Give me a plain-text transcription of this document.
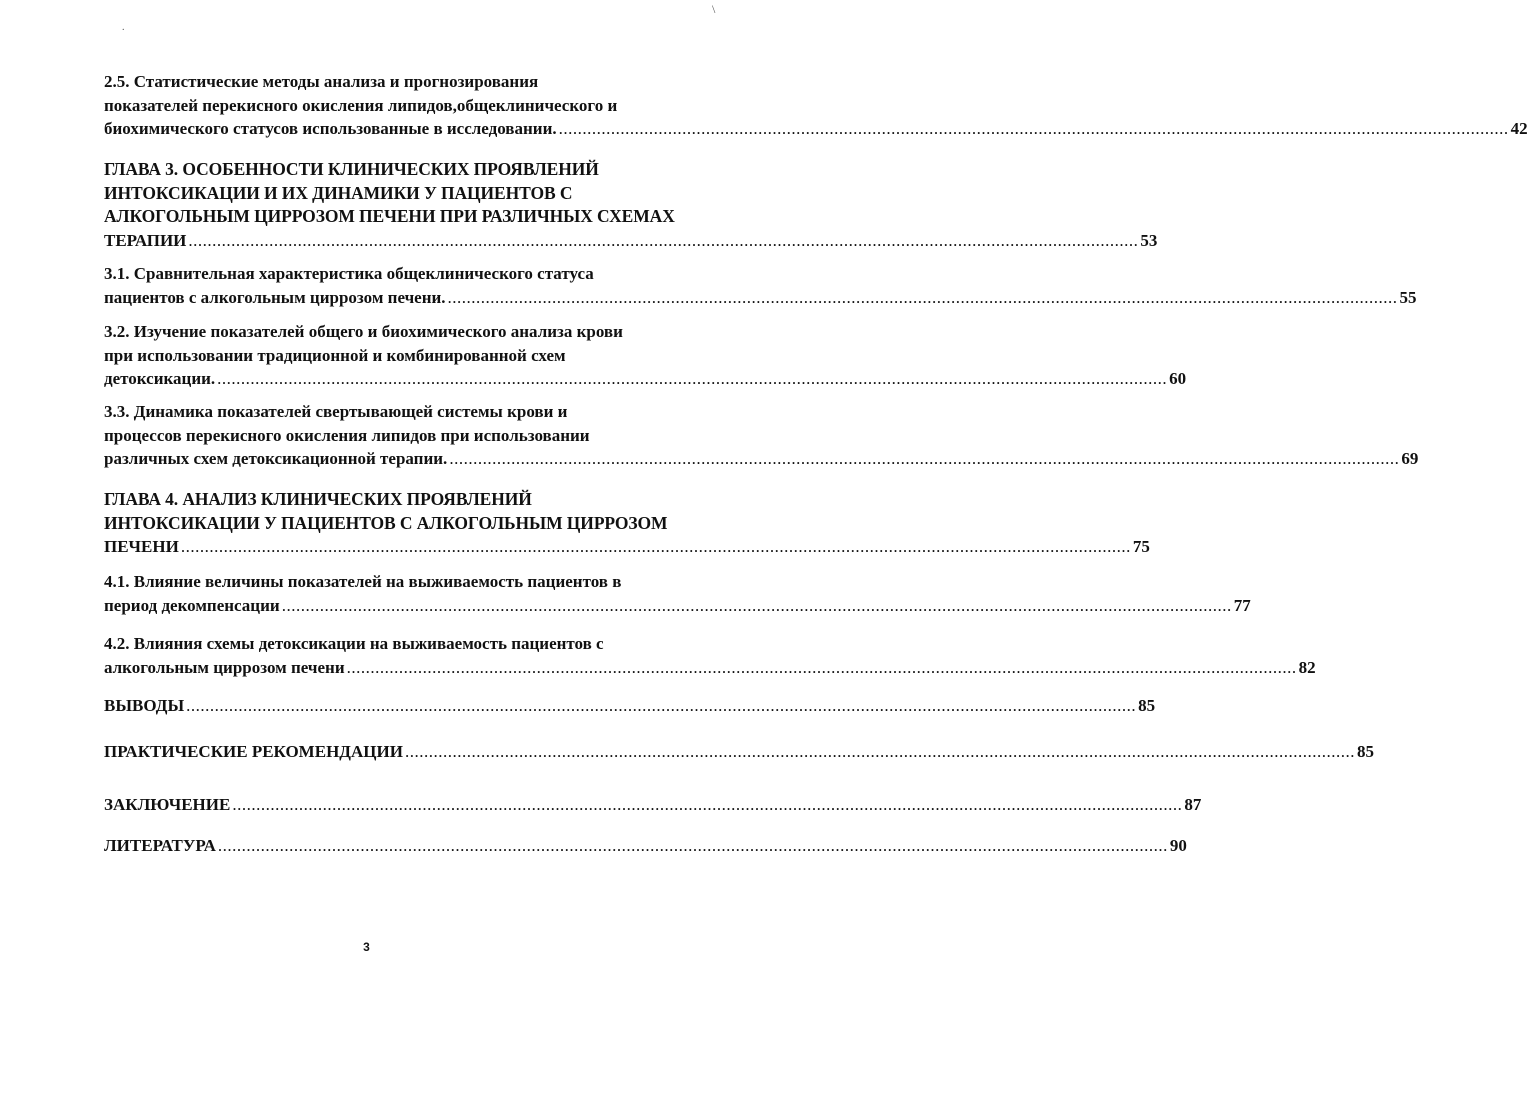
\
.
2.5. Статистические методы анализа и прогнозирования
показателей перекисного окисления липидов,общеклинического и
биохимического статусов использованные в исследовании. ........................................................................................................................................................................................................ 42
ГЛАВА 3. ОСОБЕННОСТИ КЛИНИЧЕСКИХ ПРОЯВЛЕНИЙ
ИНТОКСИКАЦИИ И ИХ ДИНАМИКИ У ПАЦИЕНТОВ С
АЛКОГОЛЬНЫМ ЦИРРОЗОМ ПЕЧЕНИ ПРИ РАЗЛИЧНЫХ СХЕМАХ
ТЕРАПИИ ........................................................................................................................................................................................................ 53
3.1. Сравнительная характеристика общеклинического статуса
пациентов с алкогольным циррозом печени. ........................................................................................................................................................................................................ 55
3.2. Изучение показателей общего и биохимического анализа крови
при использовании традиционной и комбинированной схем
детоксикации. ........................................................................................................................................................................................................ 60
3.3. Динамика показателей свертывающей системы крови и
процессов перекисного окисления липидов при использовании
различных схем детоксикационной терапии. ........................................................................................................................................................................................................ 69
ГЛАВА 4. АНАЛИЗ КЛИНИЧЕСКИХ ПРОЯВЛЕНИЙ
ИНТОКСИКАЦИИ У ПАЦИЕНТОВ С АЛКОГОЛЬНЫМ ЦИРРОЗОМ
ПЕЧЕНИ ........................................................................................................................................................................................................ 75
4.1. Влияние величины показателей на выживаемость пациентов в
период декомпенсации ........................................................................................................................................................................................................ 77
4.2. Влияния схемы детоксикации на выживаемость пациентов с
алкогольным циррозом печени ........................................................................................................................................................................................................ 82
ВЫВОДЫ ........................................................................................................................................................................................................ 85
ПРАКТИЧЕСКИЕ РЕКОМЕНДАЦИИ ........................................................................................................................................................................................................ 85
ЗАКЛЮЧЕНИЕ ........................................................................................................................................................................................................ 87
ЛИТЕРАТУРА ........................................................................................................................................................................................................ 90
3
